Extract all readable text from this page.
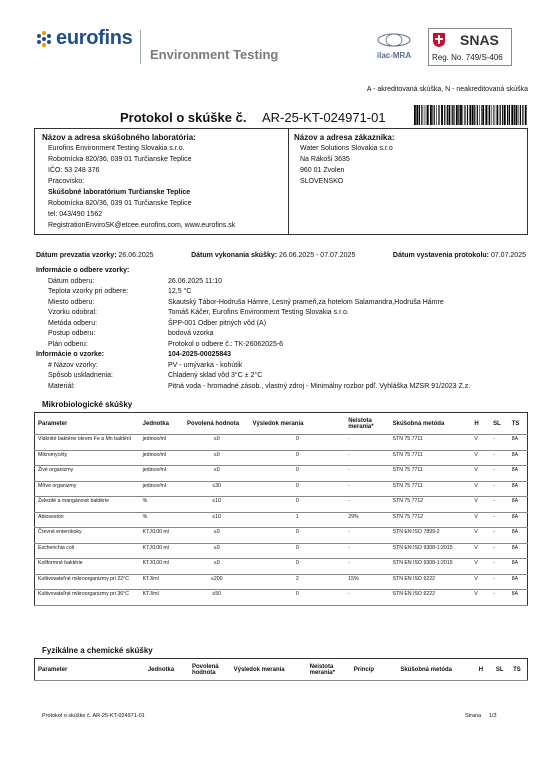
eurofins
Environment Testing	ilac-MRA
SNAS
Reg. No. 749/S-406
A - akreditovaná skúška, N - neakreditovaná skúška
Protokol o skúške č. AR-25-KT-024971-01
Názov a adresa skúšobného laboratória:
Eurofins Environment Testing Slovakia s.r.o.
Robotnícka 820/36, 039 01 Turčianske Teplice
IČO: 53 248 376
Pracovisko:
Skúšobné laboratórium Turčianske Teplice
Robotnícka 820/36, 039 01 Turčianske Teplice
tel: 043/490 1562
RegistrationEnviroSK@etcee.eurofins.com, www.eurofins.sk
Názov a adresa zákazníka:
Water Solutions Slovakia s.r.o
Na Rákoši 3635
960 01 Zvolen
SLOVENSKO
Dátum prevzatia vzorky: 26.06.2025	Dátum vykonania skúšky: 26.06.2025 - 07.07.2025	Dátum vystavenia protokolu: 07.07.2025
Informácie o odbere vzorky:
Dátum odberu:	26.06.2025 11:10
Teplota vzorky pri odbere:	12,5 °C
Miesto odberu:	Skautský Tábor-Hodruša Hámre, Lesný prameň,za hotelom Salamandra,Hodruša Hámre
Vzorku odobral:	Tomáš Káčer, Eurofins Environment Testing Slovakia s.r.o.
Metóda odberu:	ŠPP-001 Odber pitných vôd (A)
Postup odberu:	bodová vzorka
Plán odberu:	Protokol o odbere č.: TK-26062025-6
Informácie o vzorke:	104-2025-00025843
# Názov vzorky:	PV - umývarka - kohútik
Spôsob uskladnenia:	Chladený sklad vôd 3°C ± 2°C
Materiál:	Pitná voda - hromadné zásob., vlastný zdroj - Minimálny rozbor pdľ. Vyhláška MZSR 91/2023 Z.z.
Mikrobiologické skúšky
Parameter	Jednotka	Povolená hodnota	Výsledok merania	Neistota merania*	Skúšobná metóda	H	SL	TS
Vláknité baktérie okrem Fe a Mn baktérií	jedince/ml	≤0	0	-	STN 75 7711	V	-	8A
Mikromycéty	jedince/ml	≤0	0	-	STN 75 7711	V	-	8A
Živé organizmy	jedince/ml	≤0	0	-	STN 75 7711	V	-	8A
Mŕtve organizmy	jedince/ml	≤30	0	-	STN 75 7711	V	-	8A
Železité a mangánové baktérie	%	≤10	0	-	STN 75 7712	V	-	8A
Abioseston	%	≤10	1	29%	STN 75 7712	V	-	8A
Črevné enterokoky	KTJ/100 ml	≤0	0	-	STN EN ISO 7899-2	V	-	8A
Escherichia coli	KTJ/100 ml	≤0	0	-	STN EN ISO 9308-1:2015	V	-	8A
Koliformné baktérie	KTJ/100 ml	≤0	0	-	STN EN ISO 9308-1:2015	V	-	8A
Kultivovateľné mikroorganizmy pri 22°C	KTJ/ml	≤200	2	15%	STN EN ISO 6222	V	-	8A
Kultivovateľné mikroorganizmy pri 36°C	KTJ/ml	≤50	0	-	STN EN ISO 6222	V	-	8A
Fyzikálne a chemické skúšky
Parameter	Jednotka	Povolená hodnota	Výsledok merania	Neistota merania*	Princíp	Skúšobná metóda	H	SL	TS
Protokol o skúške č. AR-25-KT-024971-01	Strana 1/3
